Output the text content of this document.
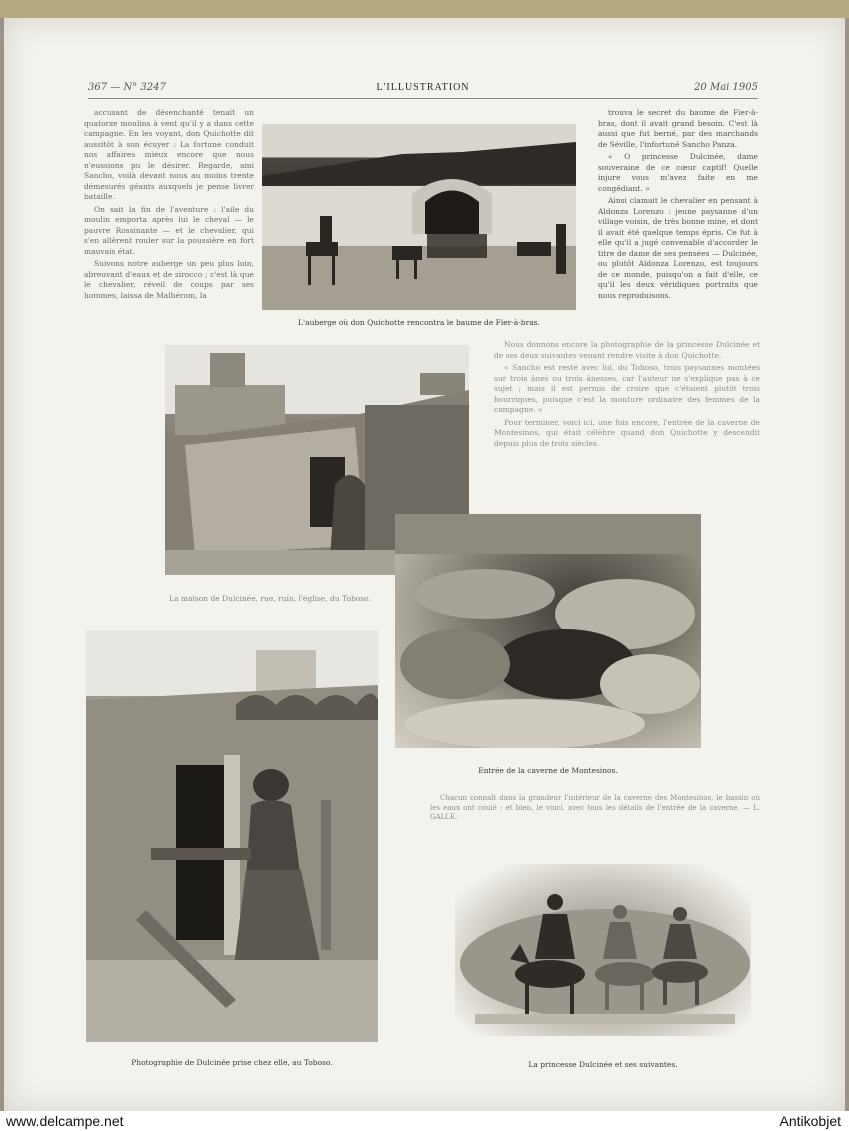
367 — N° 3247	L'ILLUSTRATION	20 Mai 1905

accusant de désenchanté tenait un quatorze moulins à vent qu'il y a dans cette campagne. En les voyant, don Quichotte dit aussitôt à son écuyer : La fortune conduit nos affaires mieux encore que nous n'eussions pu le désirer. Regarde, ami Sancho, voilà devant nous au moins trente démesurés géants auxquels je pense livrer bataille.

On sait la fin de l'aventure : l'aile du moulin emporta après lui le cheval — le pauvre Rossinante — et le chevalier, qui s'en allèrent rouler sur la poussière en fort mauvais état.

Suivons notre auberge un peu plus loin, abreuvant d'eaux et de sirocco ; c'est là que le chevalier, réveil de coups par ses hommes, laissa de Malhérom, la

trouva le secret du baume de Fier-à-bras, dont il avait grand besoin. C'est là aussi que fut berné, par des marchands de Séville, l'infortuné Sancho Panza.

« O princesse Dulcinée, dame souveraine de ce cœur captif! Quelle injure vous m'avez faite en me congédiant. »

Ainsi clamait le chevalier en pensant à Aldonza Lorenzo : jeune paysanne d'un village voisin, de très bonne mine, et dont il avait été quelque temps épris. Ce fut à elle qu'il a jugé convenable d'accorder le titre de dame de ses pensées — Dulcinée, ou plutôt Aldonza Lorenzo, est toujours de ce monde, puisqu'on a fait d'elle, ce qu'il les deux véridiques portraits que nous reproduisons.

Nous donnons encore la photographie de la princesse Dulcinée et de ses deux suivantes venant rendre visite à don Quichotte.

« Sancho est resté avec lui, du Toboso, trois paysannes montées sur trois ânes ou trois ânesses, car l'auteur ne s'explique pas à ce sujet ; mais il est permis de croire que c'étaient plutôt trois bourriques, puisque c'est la monture ordinaire des femmes de la campagne. »

Pour terminer, voici ici, une fois encore, l'entrée de la caverne de Montesinos, qui était célèbre quand don Quichotte y descendit depuis plus de trois siècles.

Chacun connaît dans la grandeur l'intérieur de la caverne des Montesinos, le bassin où les eaux ont coulé ; et bien, le voici, avec tous les détails de l'entrée de la caverne. — L. GALLE.

L'auberge où don Quichotte rencontra le baume de Fier-à-bras.
La maison de Dulcinée, rue, ruín, l'église, du Toboso.
Entrée de la caverne de Montesinos.
Photographie de Dulcinée prise chez elle, au Toboso.	La princesse Dulcinée et ses suivantes.
www.delcampe.net	Antikobjet
